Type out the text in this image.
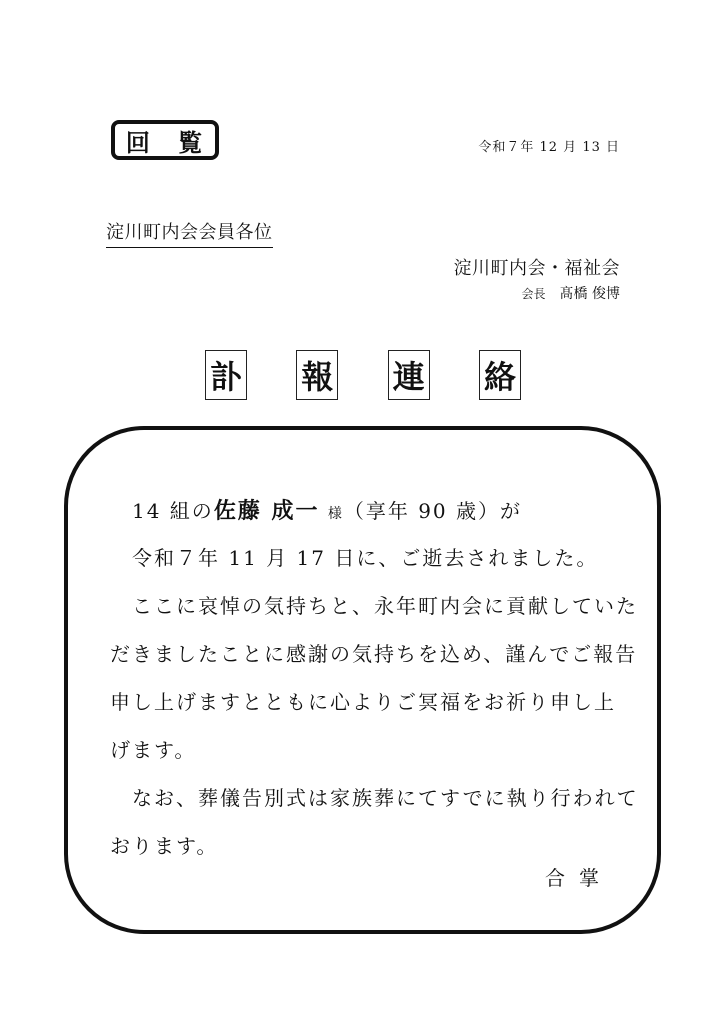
回 覧	令和７年 12 月 13 日
淀川町内会会員各位
淀川町内会・福祉会
会長 髙橋 俊博
訃 報 連 絡
14 組の佐藤 成一 様（享年 90 歳）が
令和７年 11 月 17 日に、ご逝去されました。
ここに哀悼の気持ちと、永年町内会に貢献していた
だきましたことに感謝の気持ちを込め、謹んでご報告
申し上げますとともに心よりご冥福をお祈り申し上
げます。
なお、葬儀告別式は家族葬にてすでに執り行われて
おります。
合掌
